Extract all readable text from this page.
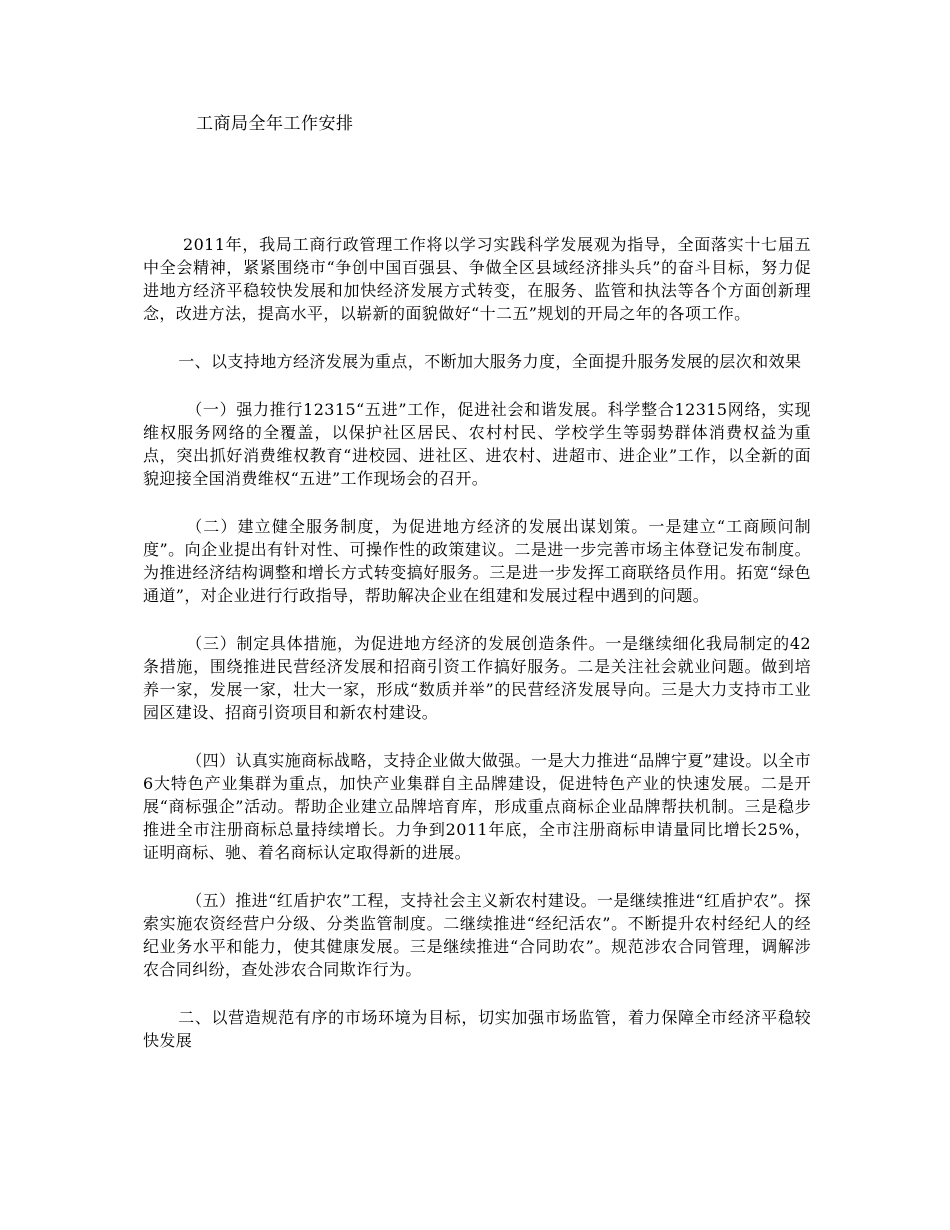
工商局全年工作安排

2011年，我局工商行政管理工作将以学习实践科学发展观为指导，全面落实十七届五中全会精神，紧紧围绕市“争创中国百强县、争做全区县域经济排头兵”的奋斗目标，努力促进地方经济平稳较快发展和加快经济发展方式转变，在服务、监管和执法等各个方面创新理念，改进方法，提高水平，以崭新的面貌做好“十二五”规划的开局之年的各项工作。

一、以支持地方经济发展为重点，不断加大服务力度，全面提升服务发展的层次和效果

（一）强力推行12315“五进”工作，促进社会和谐发展。科学整合12315网络，实现维权服务网络的全覆盖，以保护社区居民、农村村民、学校学生等弱势群体消费权益为重点，突出抓好消费维权教育“进校园、进社区、进农村、进超市、进企业”工作，以全新的面貌迎接全国消费维权“五进”工作现场会的召开。

（二）建立健全服务制度，为促进地方经济的发展出谋划策。一是建立“工商顾问制度”。向企业提出有针对性、可操作性的政策建议。二是进一步完善市场主体登记发布制度。为推进经济结构调整和增长方式转变搞好服务。三是进一步发挥工商联络员作用。拓宽“绿色通道”，对企业进行行政指导，帮助解决企业在组建和发展过程中遇到的问题。

（三）制定具体措施，为促进地方经济的发展创造条件。一是继续细化我局制定的42条措施，围绕推进民营经济发展和招商引资工作搞好服务。二是关注社会就业问题。做到培养一家，发展一家，壮大一家，形成“数质并举”的民营经济发展导向。三是大力支持市工业园区建设、招商引资项目和新农村建设。

（四）认真实施商标战略，支持企业做大做强。一是大力推进“品牌宁夏”建设。以全市6大特色产业集群为重点，加快产业集群自主品牌建设，促进特色产业的快速发展。二是开展“商标强企”活动。帮助企业建立品牌培育库，形成重点商标企业品牌帮扶机制。三是稳步推进全市注册商标总量持续增长。力争到2011年底，全市注册商标申请量同比增长25%，证明商标、驰、着名商标认定取得新的进展。

（五）推进“红盾护农”工程，支持社会主义新农村建设。一是继续推进“红盾护农”。探索实施农资经营户分级、分类监管制度。二继续推进“经纪活农”。不断提升农村经纪人的经纪业务水平和能力，使其健康发展。三是继续推进“合同助农”。规范涉农合同管理，调解涉农合同纠纷，查处涉农合同欺诈行为。

二、以营造规范有序的市场环境为目标，切实加强市场监管，着力保障全市经济平稳较快发展
